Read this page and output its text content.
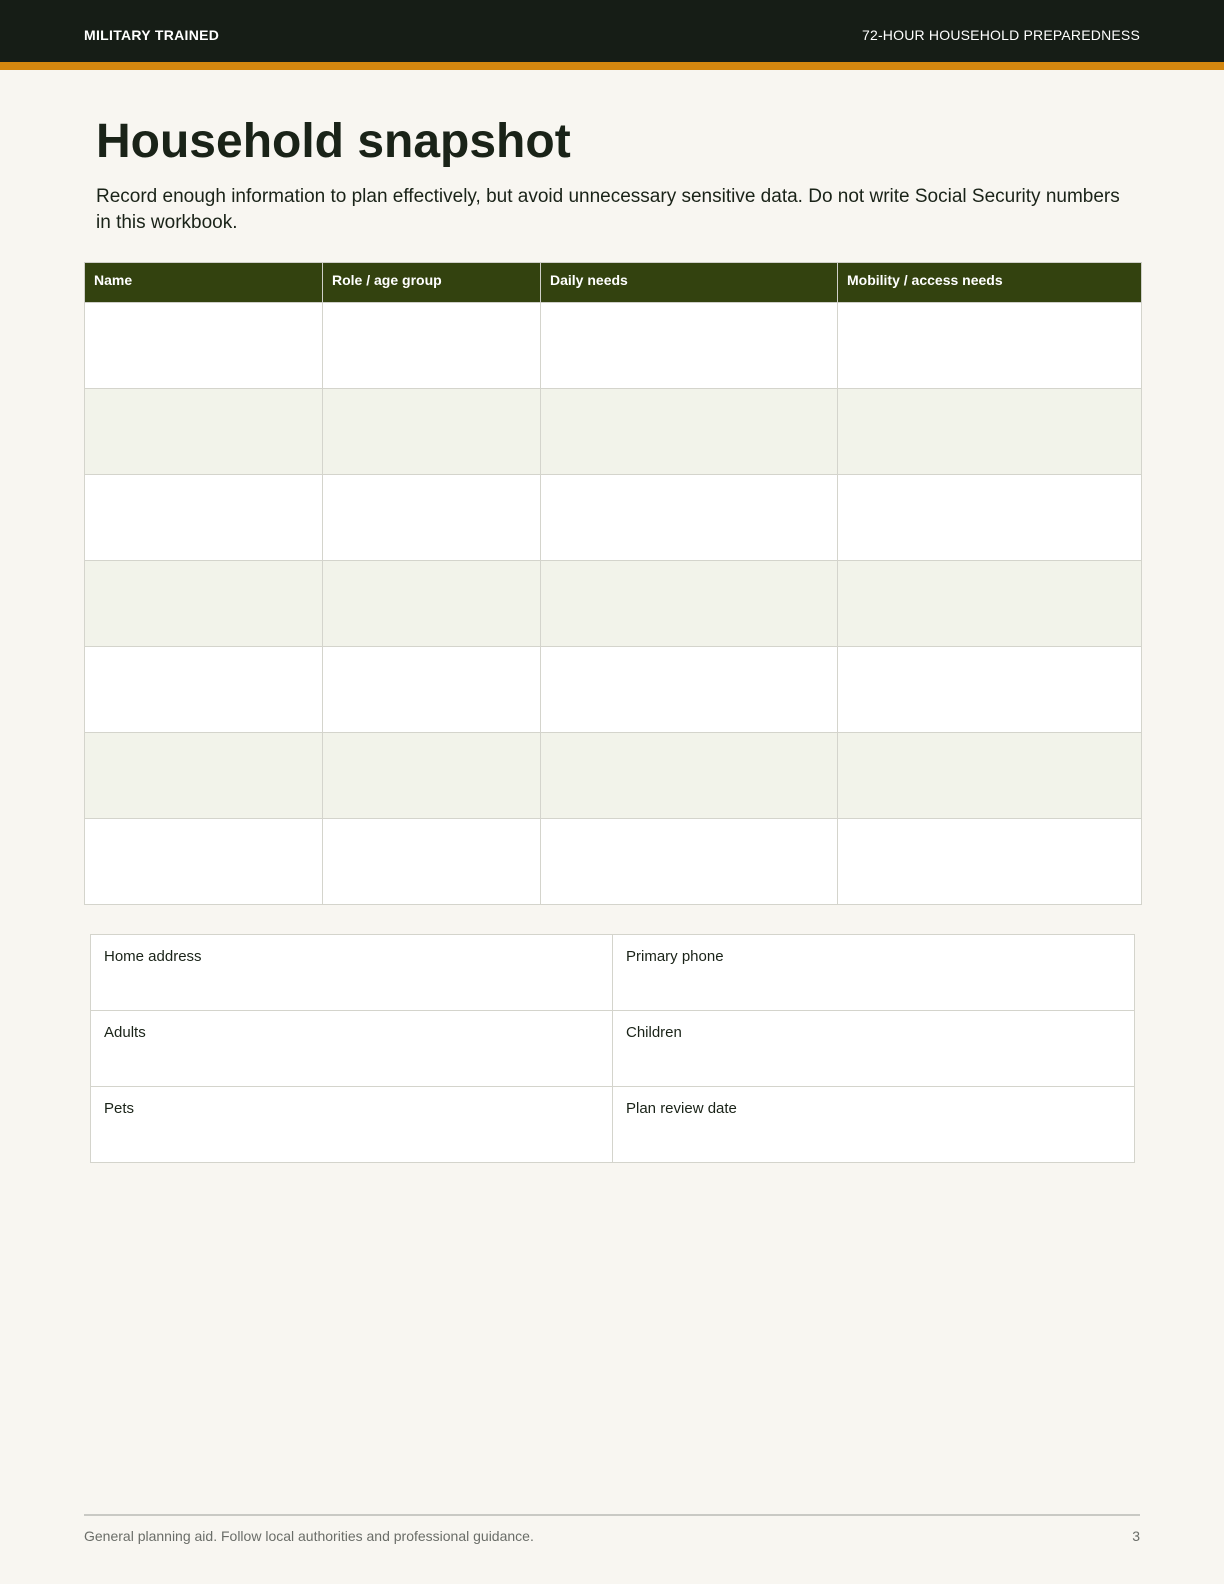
MILITARY TRAINED	72-HOUR HOUSEHOLD PREPAREDNESS
Household snapshot

Record enough information to plan effectively, but avoid unnecessary sensitive data. Do not write Social Security numbers in this workbook.

Name	Role / age group	Daily needs	Mobility / access needs

Home address	Primary phone
Adults	Children
Pets	Plan review date
General planning aid. Follow local authorities and professional guidance.	3
